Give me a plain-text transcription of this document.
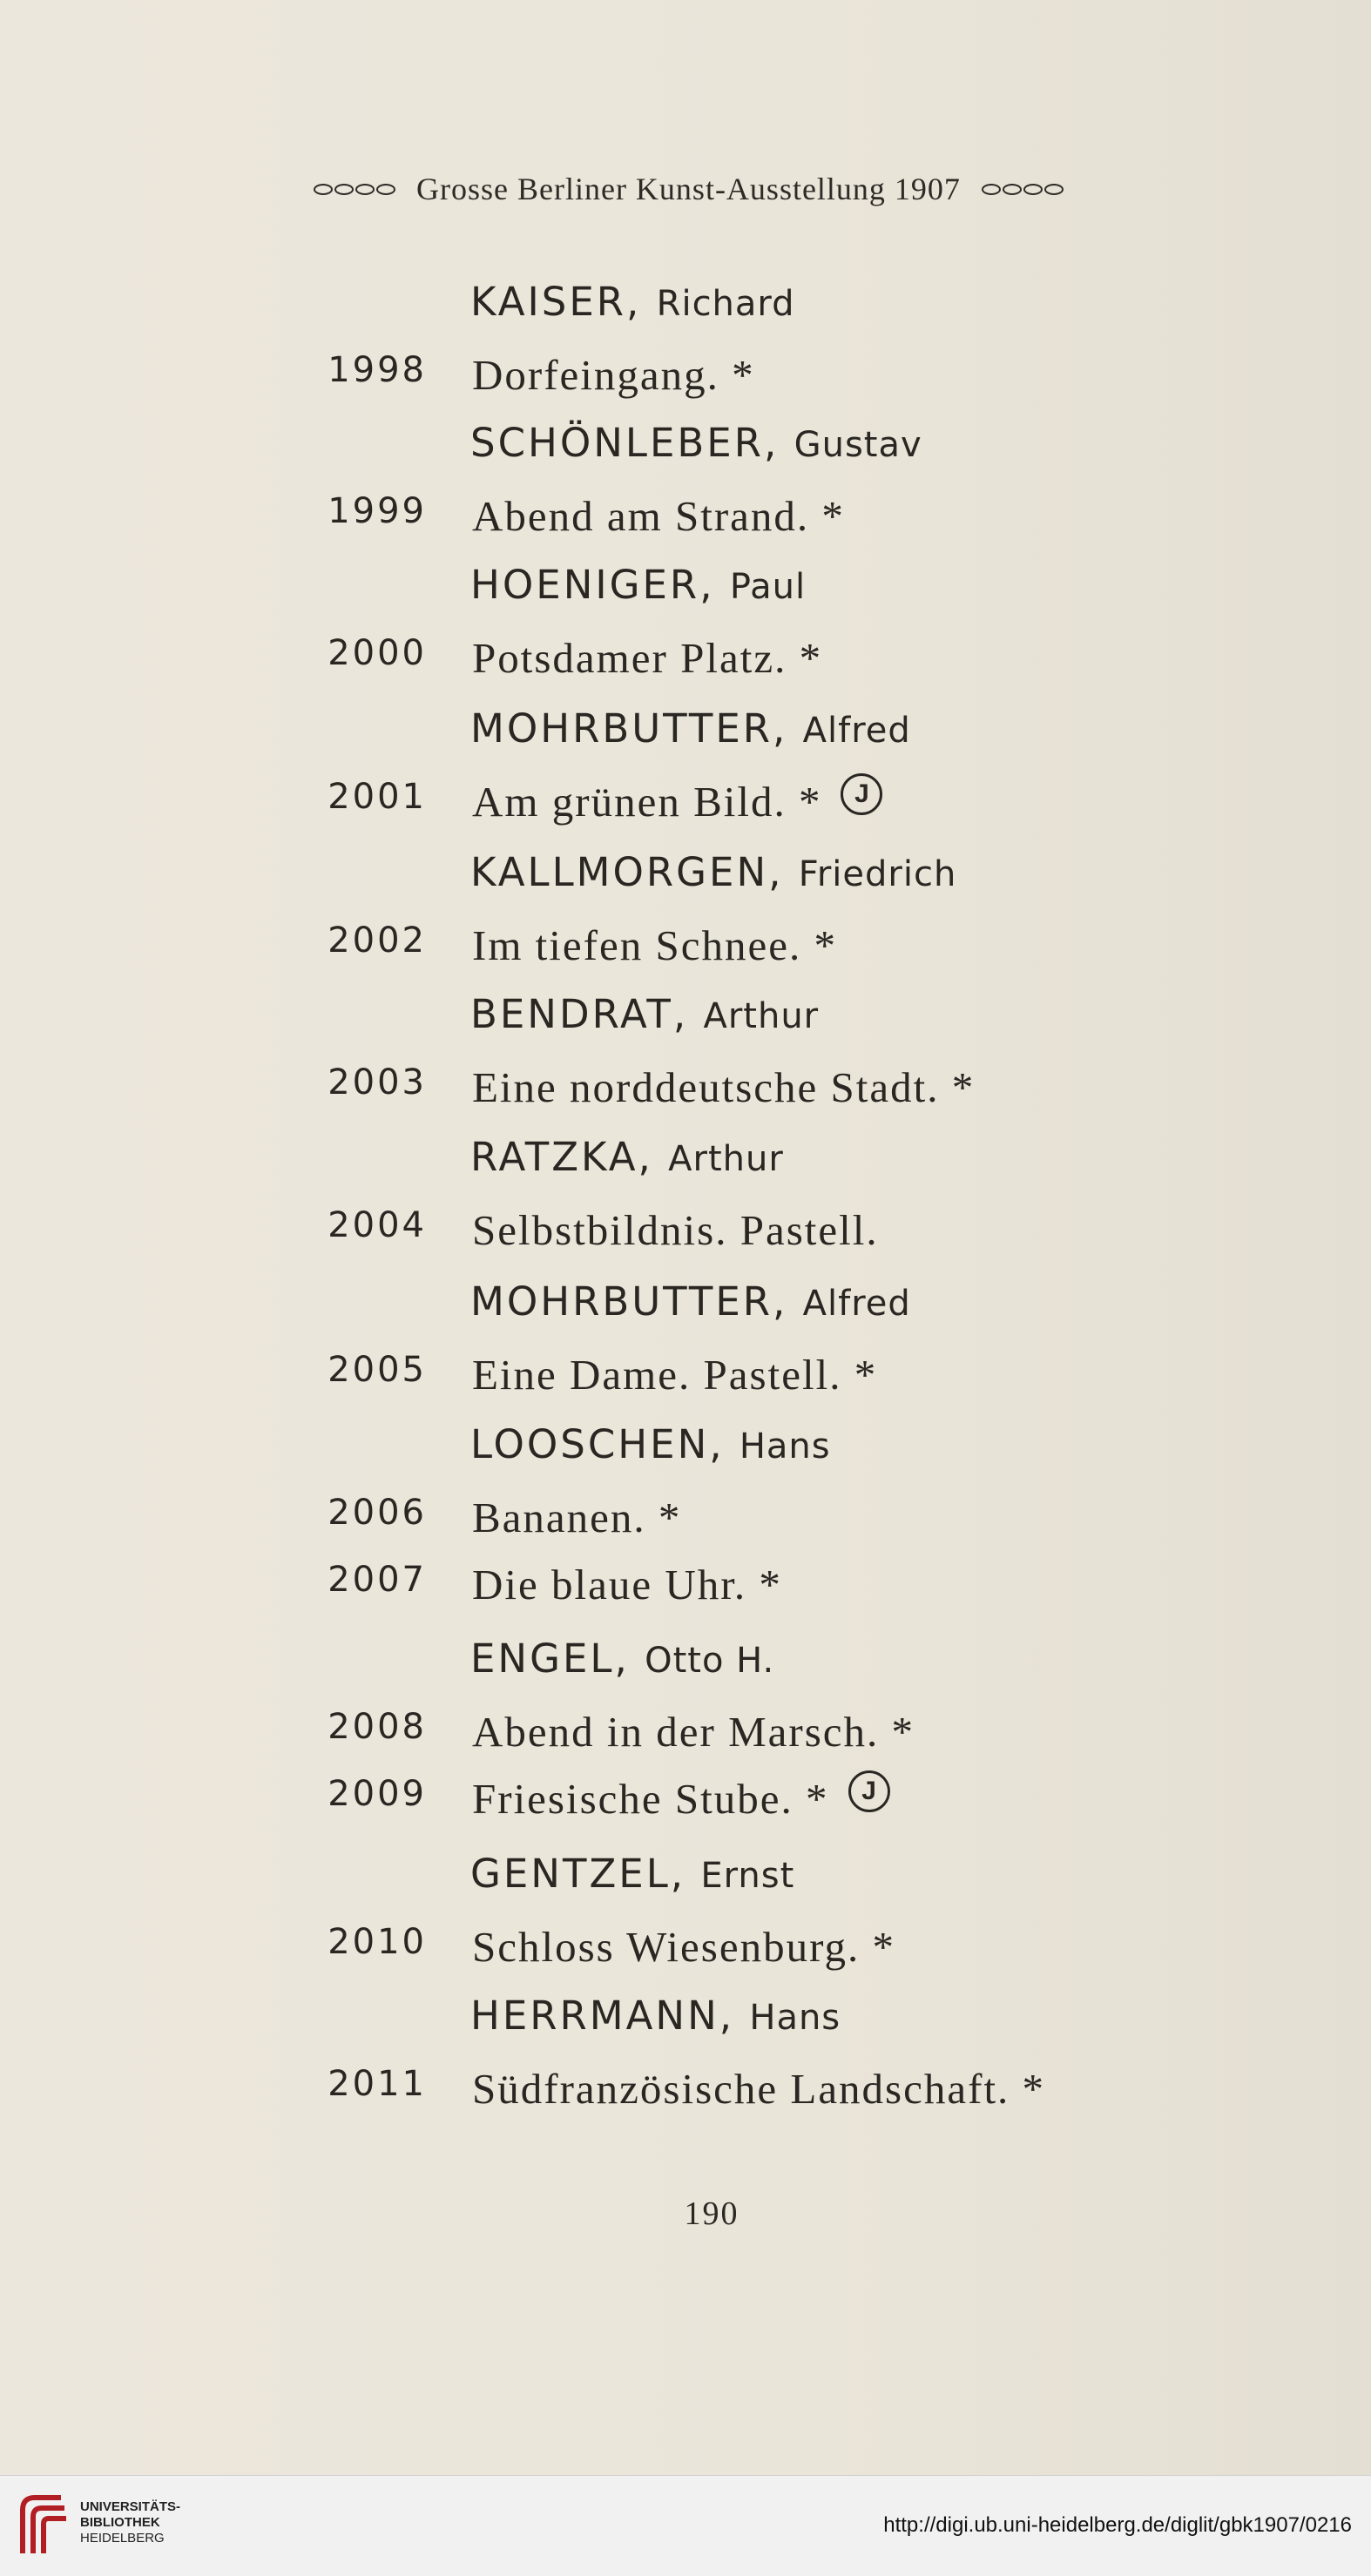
Grosse Berliner Kunst-Ausstellung 1907
KAISER, Richard
1998	Dorfeingang. *
SCHÖNLEBER, Gustav
1999	Abend am Strand. *
HOENIGER, Paul
2000	Potsdamer Platz. *
MOHRBUTTER, Alfred
2001	Am grünen Bild. *	J
KALLMORGEN, Friedrich
2002	Im tiefen Schnee. *
BENDRAT, Arthur
2003	Eine norddeutsche Stadt. *
RATZKA, Arthur
2004	Selbstbildnis. Pastell.
MOHRBUTTER, Alfred
2005	Eine Dame. Pastell. *
LOOSCHEN, Hans
2006	Bananen. *
2007	Die blaue Uhr. *
ENGEL, Otto H.
2008	Abend in der Marsch. *
2009	Friesische Stube. *	J
GENTZEL, Ernst
2010	Schloss Wiesenburg. *
HERRMANN, Hans
2011	Südfranzösische Landschaft. *
190
UNIVERSITÄTS-
BIBLIOTHEK
HEIDELBERG
http://digi.ub.uni-heidelberg.de/diglit/gbk1907/0216
